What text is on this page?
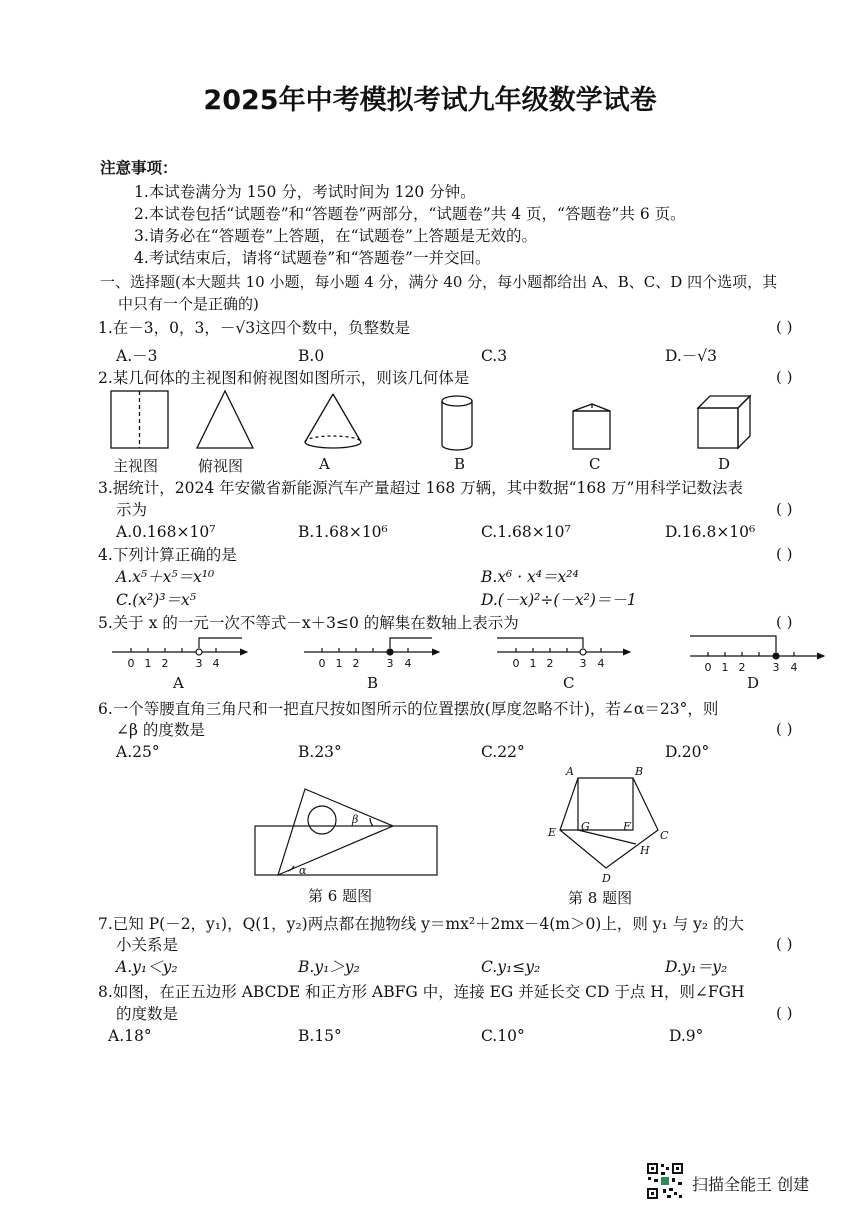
2025年中考模拟考试九年级数学试卷
注意事项：
1.本试卷满分为 150 分，考试时间为 120 分钟。
2.本试卷包括“试题卷”和“答题卷”两部分，“试题卷”共 4 页，“答题卷”共 6 页。
3.请务必在“答题卷”上答题，在“试题卷”上答题是无效的。
4.考试结束后，请将“试题卷”和“答题卷”一并交回。
一、选择题(本大题共 10 小题，每小题 4 分，满分 40 分，每小题都给出 A、B、C、D 四个选项，其
中只有一个是正确的)
1.在－3，0，3，－√3这四个数中，负整数是	( )
A.－3	B.0	C.3	D.－√3
2.某几何体的主视图和俯视图如图所示，则该几何体是	( )
主视图	俯视图	A	B	C	D
3.据统计，2024 年安徽省新能源汽车产量超过 168 万辆，其中数据“168 万”用科学记数法表
示为	( )
A.0.168×10⁷	B.1.68×10⁶	C.1.68×10⁷	D.16.8×10⁶
4.下列计算正确的是	( )
A.x⁵＋x⁵＝x¹⁰	B.x⁶ · x⁴＝x²⁴
C.(x²)³＝x⁵	D.(－x)²÷(－x²)＝－1
5.关于 x 的一元一次不等式－x＋3≤0 的解集在数轴上表示为	( )
0 1 2 3 4	0 1 2 3 4	0 1 2 3 4	0 1 2 3 4
A	B	C	D
6.一个等腰直角三角尺和一把直尺按如图所示的位置摆放(厚度忽略不计)，若∠α＝23°，则
∠β 的度数是	( )
A.25°	B.23°	C.22°	D.20°
β
α
A	B
C
D
E	F
G
H
第 6 题图	第 8 题图
7.已知 P(－2，y₁)，Q(1，y₂)两点都在抛物线 y＝mx²＋2mx－4(m＞0)上，则 y₁ 与 y₂ 的大
小关系是	( )
A.y₁＜y₂	B.y₁＞y₂	C.y₁≤y₂	D.y₁＝y₂
8.如图，在正五边形 ABCDE 和正方形 ABFG 中，连接 EG 并延长交 CD 于点 H，则∠FGH
的度数是	( )
A.18°	B.15°	C.10°	D.9°
扫描全能王 创建
